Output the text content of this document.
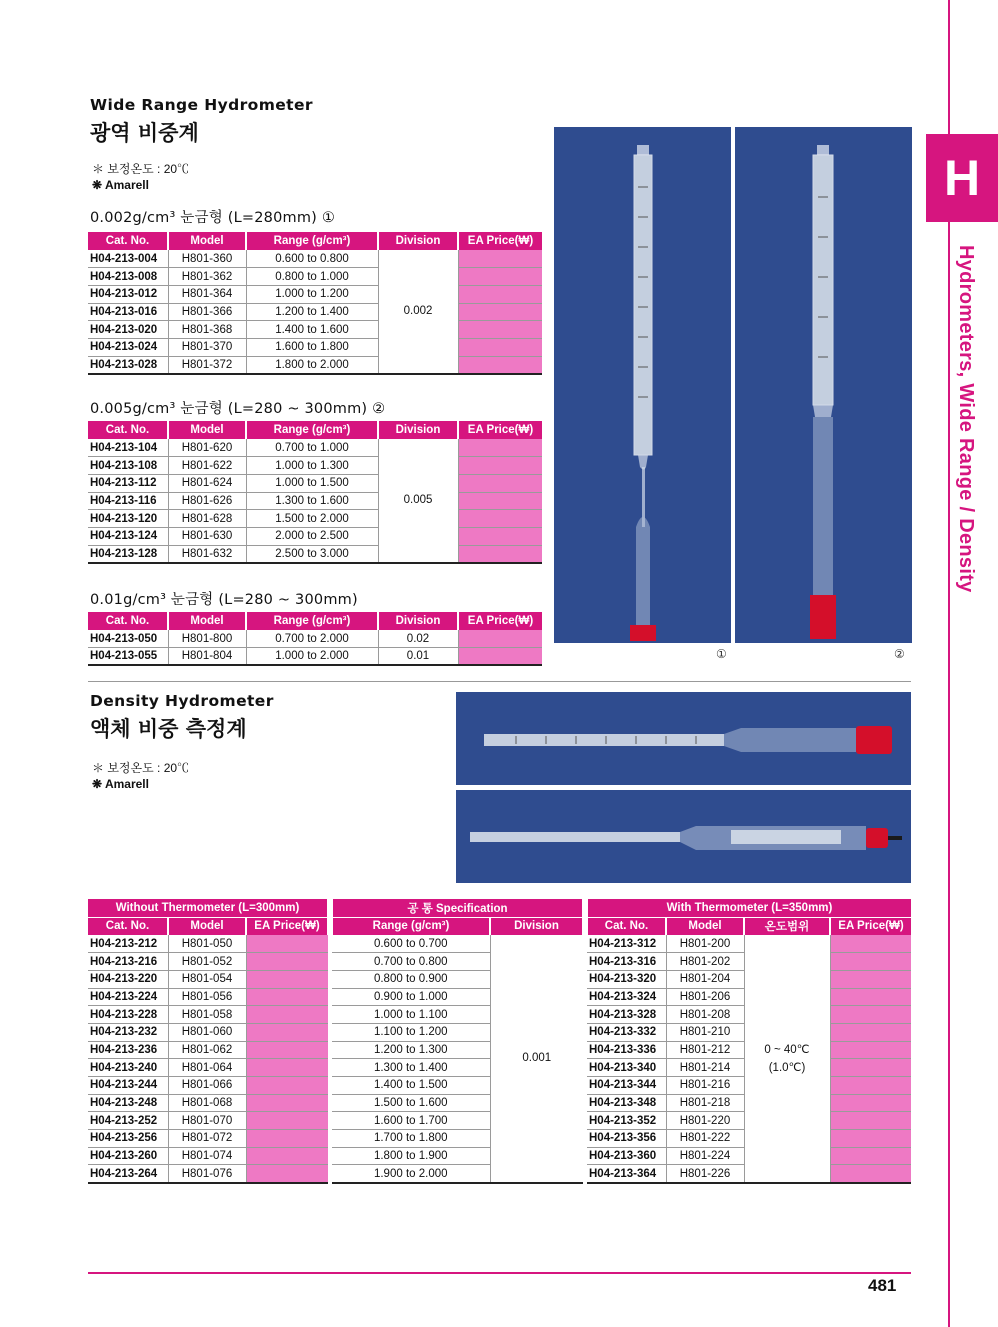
H
Hydrometers, Wide Range / Density
Wide Range Hydrometer
광역 비중계
＊ 보정온도 : 20℃
❋ Amarell
0.002g/cm³ 눈금형 (L=280mm) ①
Cat. No.	Model	Range (g/cm³)	Division	EA Price(₩)
H04-213-004	H801-360	0.600 to 0.800	0.002	
H04-213-008	H801-362	0.800 to 1.000		
H04-213-012	H801-364	1.000 to 1.200		
H04-213-016	H801-366	1.200 to 1.400		
H04-213-020	H801-368	1.400 to 1.600		
H04-213-024	H801-370	1.600 to 1.800		
H04-213-028	H801-372	1.800 to 2.000		
0.005g/cm³ 눈금형 (L=280 ~ 300mm) ②
Cat. No.	Model	Range (g/cm³)	Division	EA Price(₩)
H04-213-104	H801-620	0.700 to 1.000	0.005	
H04-213-108	H801-622	1.000 to 1.300		
H04-213-112	H801-624	1.000 to 1.500		
H04-213-116	H801-626	1.300 to 1.600		
H04-213-120	H801-628	1.500 to 2.000		
H04-213-124	H801-630	2.000 to 2.500		
H04-213-128	H801-632	2.500 to 3.000		
0.01g/cm³ 눈금형 (L=280 ~ 300mm)
Cat. No.	Model	Range (g/cm³)	Division	EA Price(₩)
H04-213-050	H801-800	0.700 to 2.000	0.02	
H04-213-055	H801-804	1.000 to 2.000	0.01		①	②
Density Hydrometer
액체 비중 측정계
＊ 보정온도 : 20℃
❋ Amarell
Without Thermometer (L=300mm)				공 통 Specification			With Thermometer (L=350mm)			
Cat. No.	Model	EA Price(₩)		Range (g/cm³)	Division		Cat. No.	Model	온도범위	EA Price(₩)
H04-213-212	H801-050			0.600 to 0.700	0.001		H04-213-312	H801-200	0 ~ 40℃
(1.0℃)	

H04-213-216	H801-052			0.700 to 0.800			H04-213-316	H801-202		
H04-213-220	H801-054			0.800 to 0.900			H04-213-320	H801-204		
H04-213-224	H801-056			0.900 to 1.000			H04-213-324	H801-206		
H04-213-228	H801-058			1.000 to 1.100			H04-213-328	H801-208		
H04-213-232	H801-060			1.100 to 1.200			H04-213-332	H801-210		
H04-213-236	H801-062			1.200 to 1.300			H04-213-336	H801-212		
H04-213-240	H801-064			1.300 to 1.400			H04-213-340	H801-214		
H04-213-244	H801-066			1.400 to 1.500			H04-213-344	H801-216		
H04-213-248	H801-068			1.500 to 1.600			H04-213-348	H801-218		
H04-213-252	H801-070			1.600 to 1.700			H04-213-352	H801-220		
H04-213-256	H801-072			1.700 to 1.800			H04-213-356	H801-222		
H04-213-260	H801-074			1.800 to 1.900			H04-213-360	H801-224		
H04-213-264	H801-076			1.900 to 2.000			H04-213-364	H801-226		
481
